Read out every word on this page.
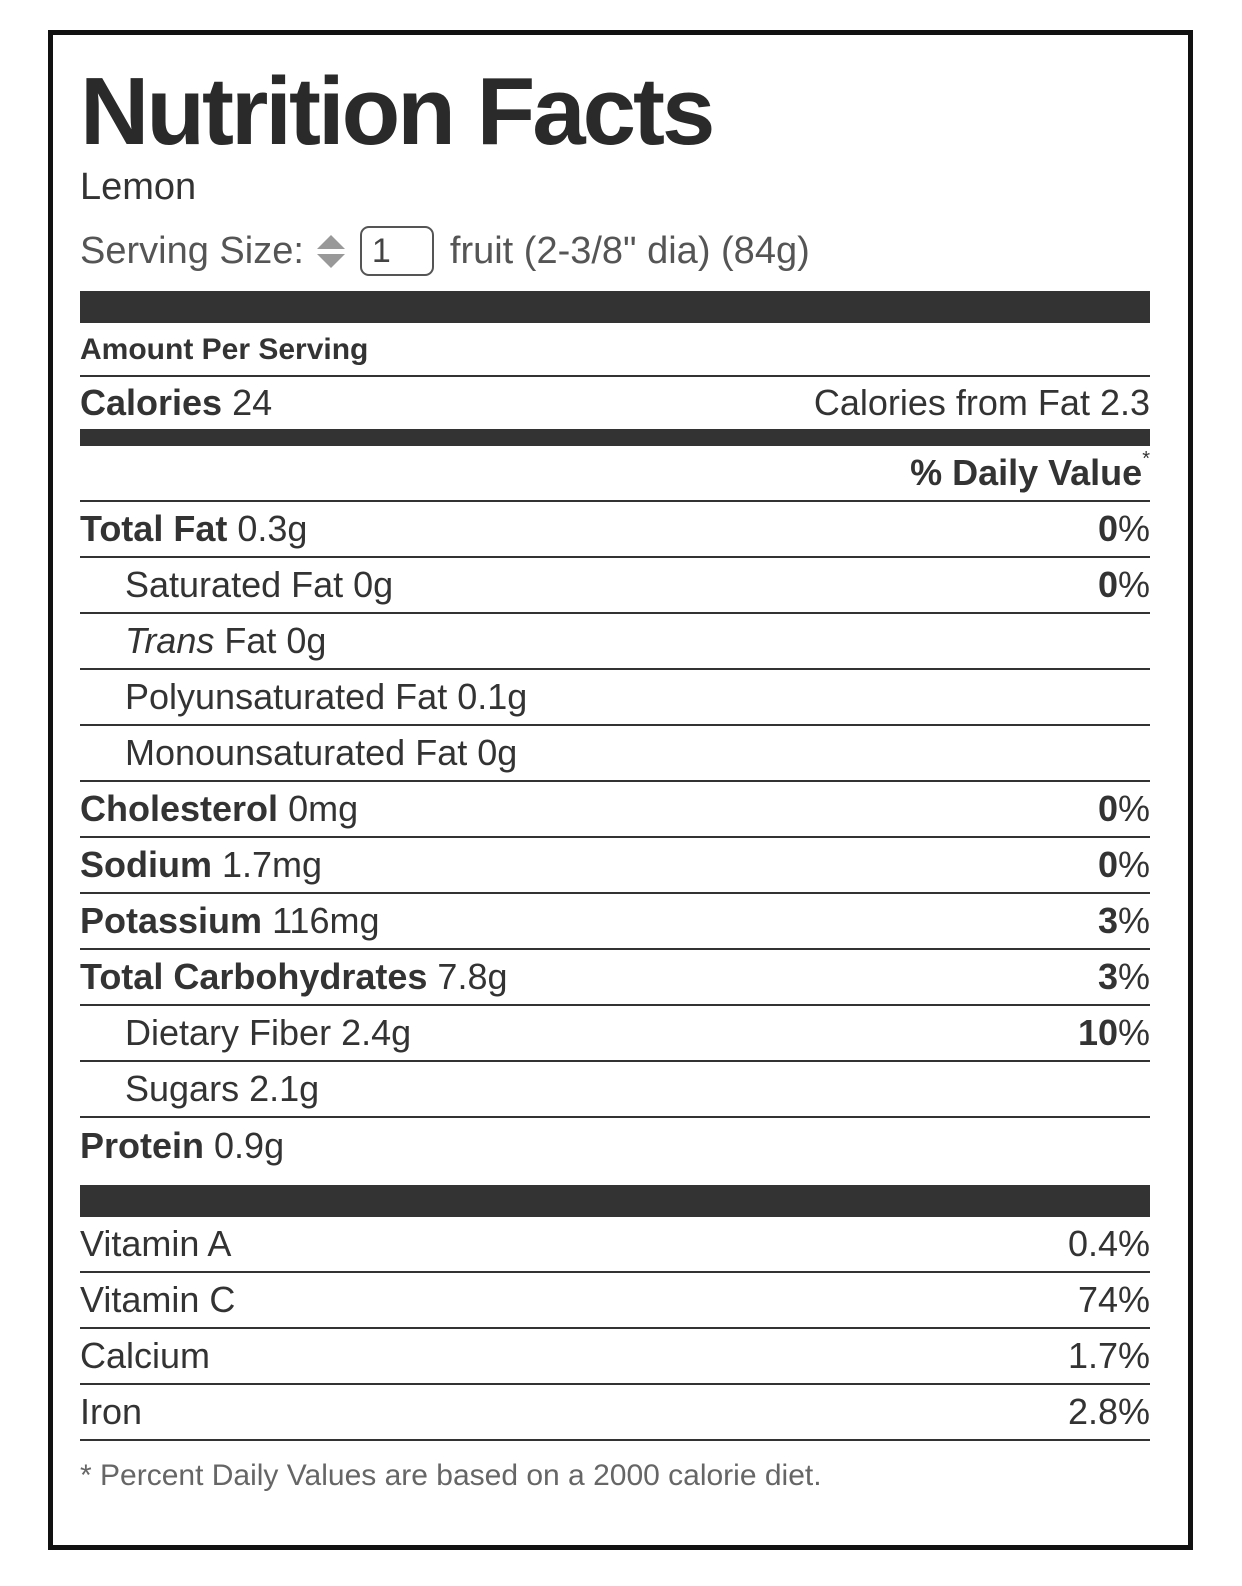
Nutrition Facts
Lemon
Serving Size:
1	fruit (2-3/8" dia) (84g)
Amount Per Serving
Calories 24	Calories from Fat 2.3
% Daily Value*
Total Fat 0.3g	0%
Saturated Fat 0g	0%
Trans Fat 0g
Polyunsaturated Fat 0.1g
Monounsaturated Fat 0g
Cholesterol 0mg	0%
Sodium 1.7mg	0%
Potassium 116mg	3%
Total Carbohydrates 7.8g	3%
Dietary Fiber 2.4g	10%
Sugars 2.1g
Protein 0.9g
Vitamin A	0.4%
Vitamin C	74%
Calcium	1.7%
Iron	2.8%
* Percent Daily Values are based on a 2000 calorie diet.
